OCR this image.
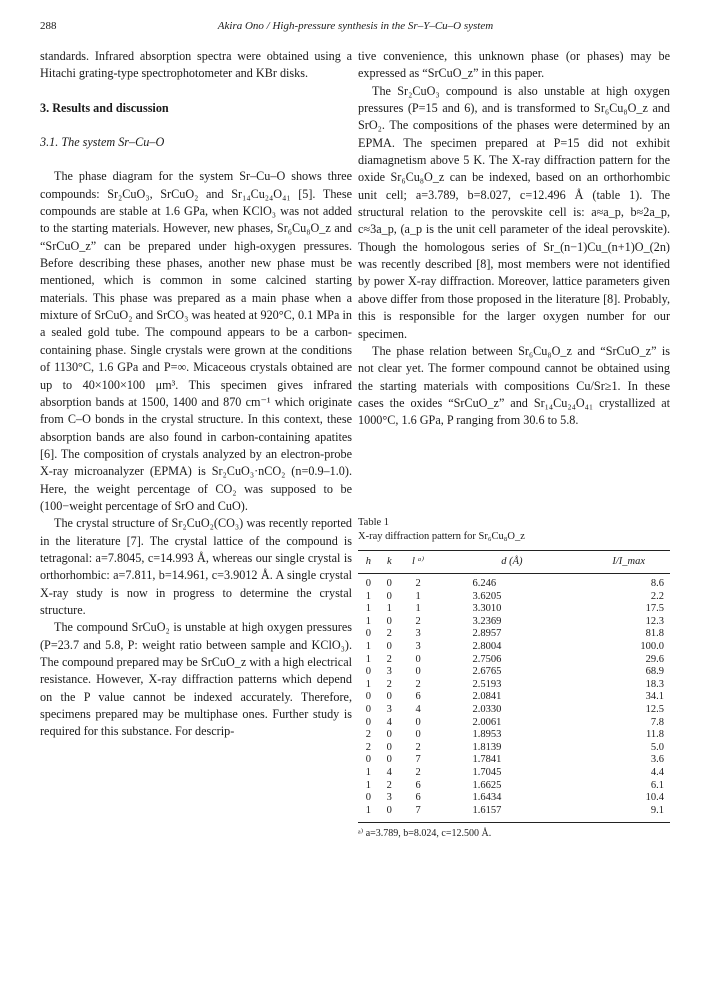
288	Akira Ono / High-pressure synthesis in the Sr–Y–Cu–O system

standards. Infrared absorption spectra were obtained using a Hitachi grating-type spectrophotometer and KBr disks.

3. Results and discussion

3.1. The system Sr–Cu–O

The phase diagram for the system Sr–Cu–O shows three compounds: Sr₂CuO₃, SrCuO₂ and Sr₁₄Cu₂₄O₄₁ [5]. These compounds are stable at 1.6 GPa, when KClO₃ was not added to the starting materials. However, new phases, Sr₆Cu₈O_z and “SrCuO_z” can be prepared under high-oxygen pressures. Before describing these phases, another new phase must be mentioned, which is common in some calcined starting materials. This phase was prepared as a main phase when a mixture of SrCuO₂ and SrCO₃ was heated at 920°C, 0.1 MPa in a sealed gold tube. The compound appears to be a carbon-containing phase. Single crystals were grown at the conditions of 1130°C, 1.6 GPa and P=∞. Micaceous crystals obtained are up to 40×100×100 μm³. This specimen gives infrared absorption bands at 1500, 1400 and 870 cm⁻¹ which originate from C–O bonds in the crystal structure. In this context, these absorption bands are also found in carbon-containing apatites [6]. The composition of crystals analyzed by an electron-probe X-ray microanalyzer (EPMA) is Sr₂CuO₃·nCO₂ (n=0.9–1.0). Here, the weight percentage of CO₂ was supposed to be (100−weight percentage of SrO and CuO).

The crystal structure of Sr₂CuO₂(CO₃) was recently reported in the literature [7]. The crystal lattice of the compound is tetragonal: a=7.8045, c=14.993 Å, whereas our single crystal is orthorhombic: a=7.811, b=14.961, c=3.9012 Å. A single crystal X-ray study is now in progress to determine the crystal structure.

The compound SrCuO₂ is unstable at high oxygen pressures (P=23.7 and 5.8, P: weight ratio between sample and KClO₃). The compound prepared may be SrCuO_z with a high electrical resistance. However, X-ray diffraction patterns which depend on the P value cannot be indexed accurately. Therefore, specimens prepared may be multiphase ones. Further study is required for this substance. For descrip-

tive convenience, this unknown phase (or phases) may be expressed as “SrCuO_z” in this paper.

The Sr₂CuO₃ compound is also unstable at high oxygen pressures (P=15 and 6), and is transformed to Sr₆Cu₈O_z and SrO₂. The compositions of the phases were determined by an EPMA. The specimen prepared at P=15 did not exhibit diamagnetism above 5 K. The X-ray diffraction pattern for the oxide Sr₆Cu₈O_z can be indexed, based on an orthorhombic unit cell; a=3.789, b=8.027, c=12.496 Å (table 1). The structural relation to the perovskite cell is: a≈a_p, b≈2a_p, c≈3a_p, (a_p is the unit cell parameter of the ideal perovskite). Though the homologous series of Sr_(n−1)Cu_(n+1)O_(2n) was recently described [8], most members were not identified by power X-ray diffraction. Moreover, lattice parameters given above differ from those proposed in the literature [8]. Probably, this is responsible for the larger oxygen number for our specimen.

The phase relation between Sr₆Cu₈O_z and “SrCuO_z” is not clear yet. The former compound cannot be obtained using the starting materials with compositions Cu/Sr≥1. In these cases the oxides “SrCuO_z” and Sr₁₄Cu₂₄O₄₁ crystallized at 1000°C, 1.6 GPa, P ranging from 30.6 to 5.8.

Table 1
X-ray diffraction pattern for Sr₆Cu₈O_z
h	k	l ᵃ⁾	d (Å)	I/I_max
0	0	2	6.246	8.6
1	0	1	3.6205	2.2
1	1	1	3.3010	17.5
1	0	2	3.2369	12.3
0	2	3	2.8957	81.8
1	0	3	2.8004	100.0
1	2	0	2.7506	29.6
0	3	0	2.6765	68.9
1	2	2	2.5193	18.3
0	0	6	2.0841	34.1
0	3	4	2.0330	12.5
0	4	0	2.0061	7.8
2	0	0	1.8953	11.8
2	0	2	1.8139	5.0
0	0	7	1.7841	3.6
1	4	2	1.7045	4.4
1	2	6	1.6625	6.1
0	3	6	1.6434	10.4
1	0	7	1.6157	9.1
ᵃ⁾ a=3.789, b=8.024, c=12.500 Å.
